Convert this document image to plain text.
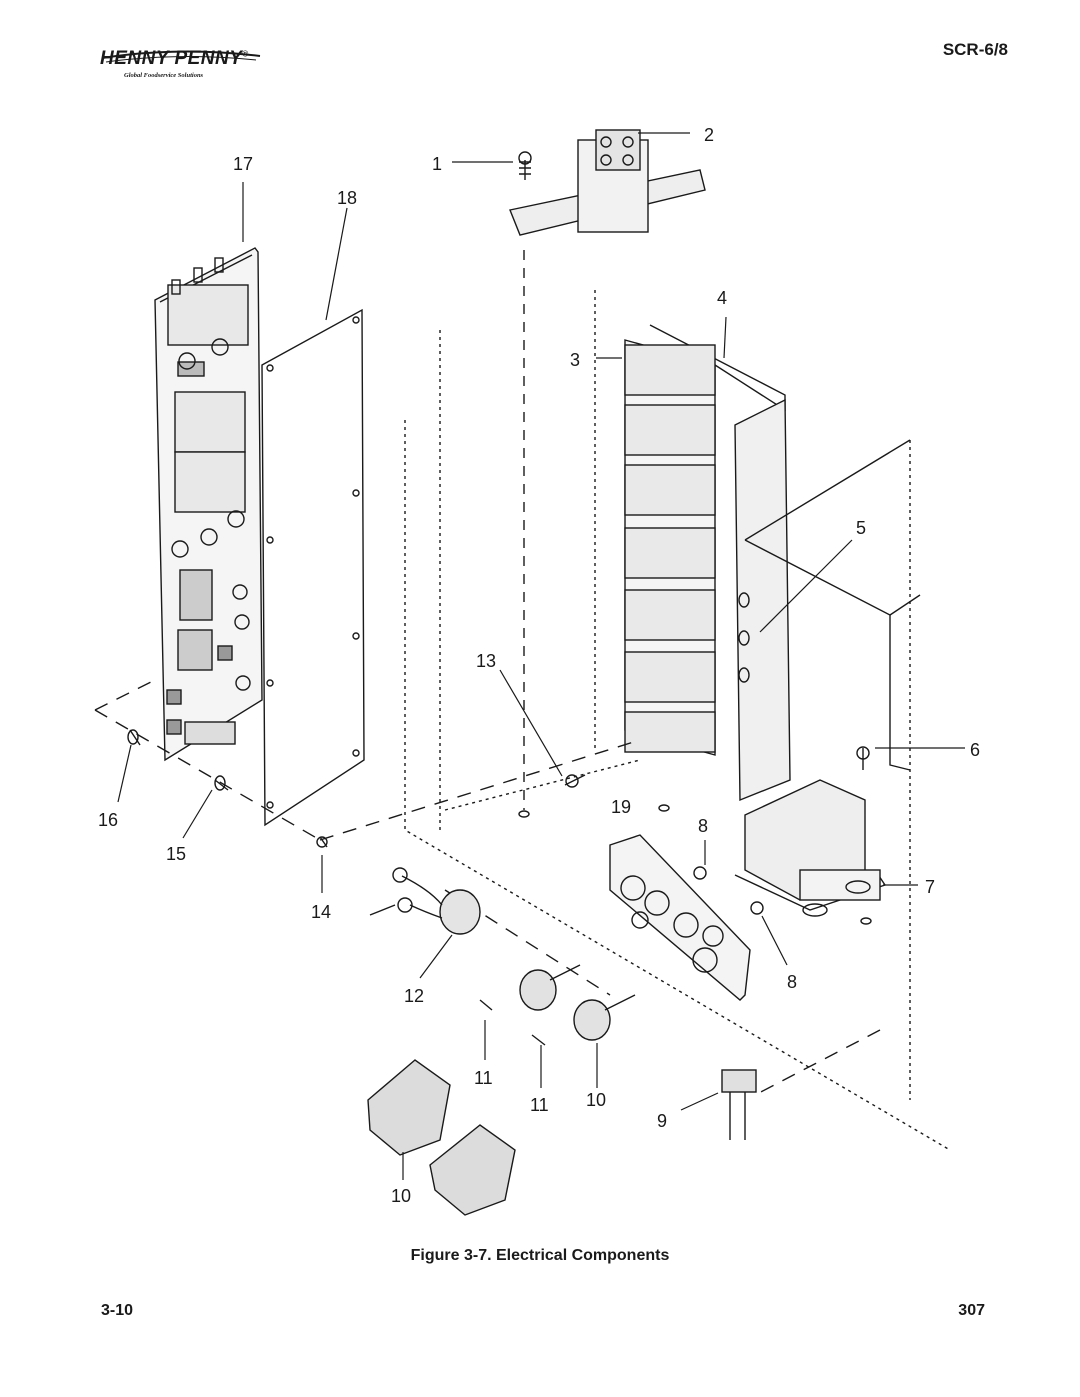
HENNY PENNY®
Global Foodservice Solutions
SCR-6/8
1
2
3
4
5
6
7
8
8
9
10
10
11
11
12
13
14
15
16
17
18
19
Figure 3-7. Electrical Components
3-10	307
